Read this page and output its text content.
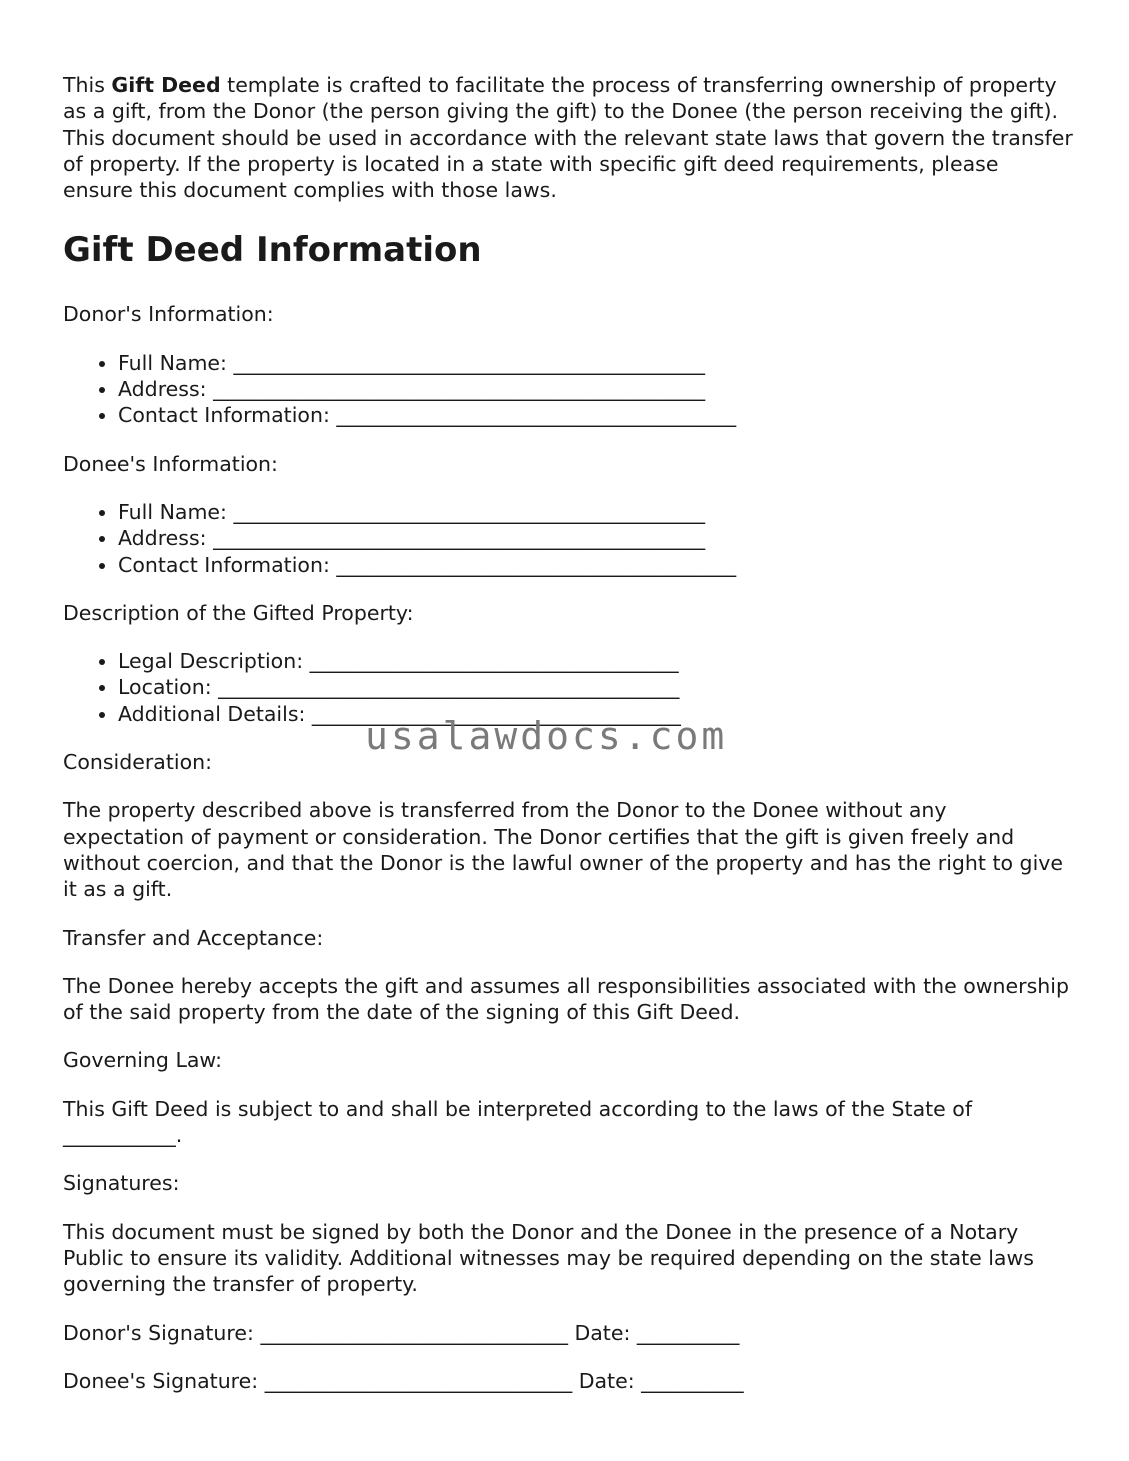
This Gift Deed template is crafted to facilitate the process of transferring ownership of property as a gift, from the Donor (the person giving the gift) to the Donee (the person receiving the gift). This document should be used in accordance with the relevant state laws that govern the transfer of property. If the property is located in a state with specific gift deed requirements, please ensure this document complies with those laws.

Gift Deed Information

Donor's Information:

• Full Name: ______________________________________________
• Address: ________________________________________________
• Contact Information: _______________________________________

Donee's Information:

• Full Name: ______________________________________________
• Address: ________________________________________________
• Contact Information: _______________________________________

Description of the Gifted Property:

• Legal Description: ____________________________________
• Location: _____________________________________________
• Additional Details: ____________________________________

Consideration:

The property described above is transferred from the Donor to the Donee without any expectation of payment or consideration. The Donor certifies that the gift is given freely and without coercion, and that the Donor is the lawful owner of the property and has the right to give it as a gift.

Transfer and Acceptance:

The Donee hereby accepts the gift and assumes all responsibilities associated with the ownership of the said property from the date of the signing of this Gift Deed.

Governing Law:

This Gift Deed is subject to and shall be interpreted according to the laws of the State of ___________.

Signatures:

This document must be signed by both the Donor and the Donee in the presence of a Notary Public to ensure its validity. Additional witnesses may be required depending on the state laws governing the transfer of property.

Donor's Signature: ______________________________ Date: __________

Donee's Signature: ______________________________ Date: __________

usalawdocs.com
